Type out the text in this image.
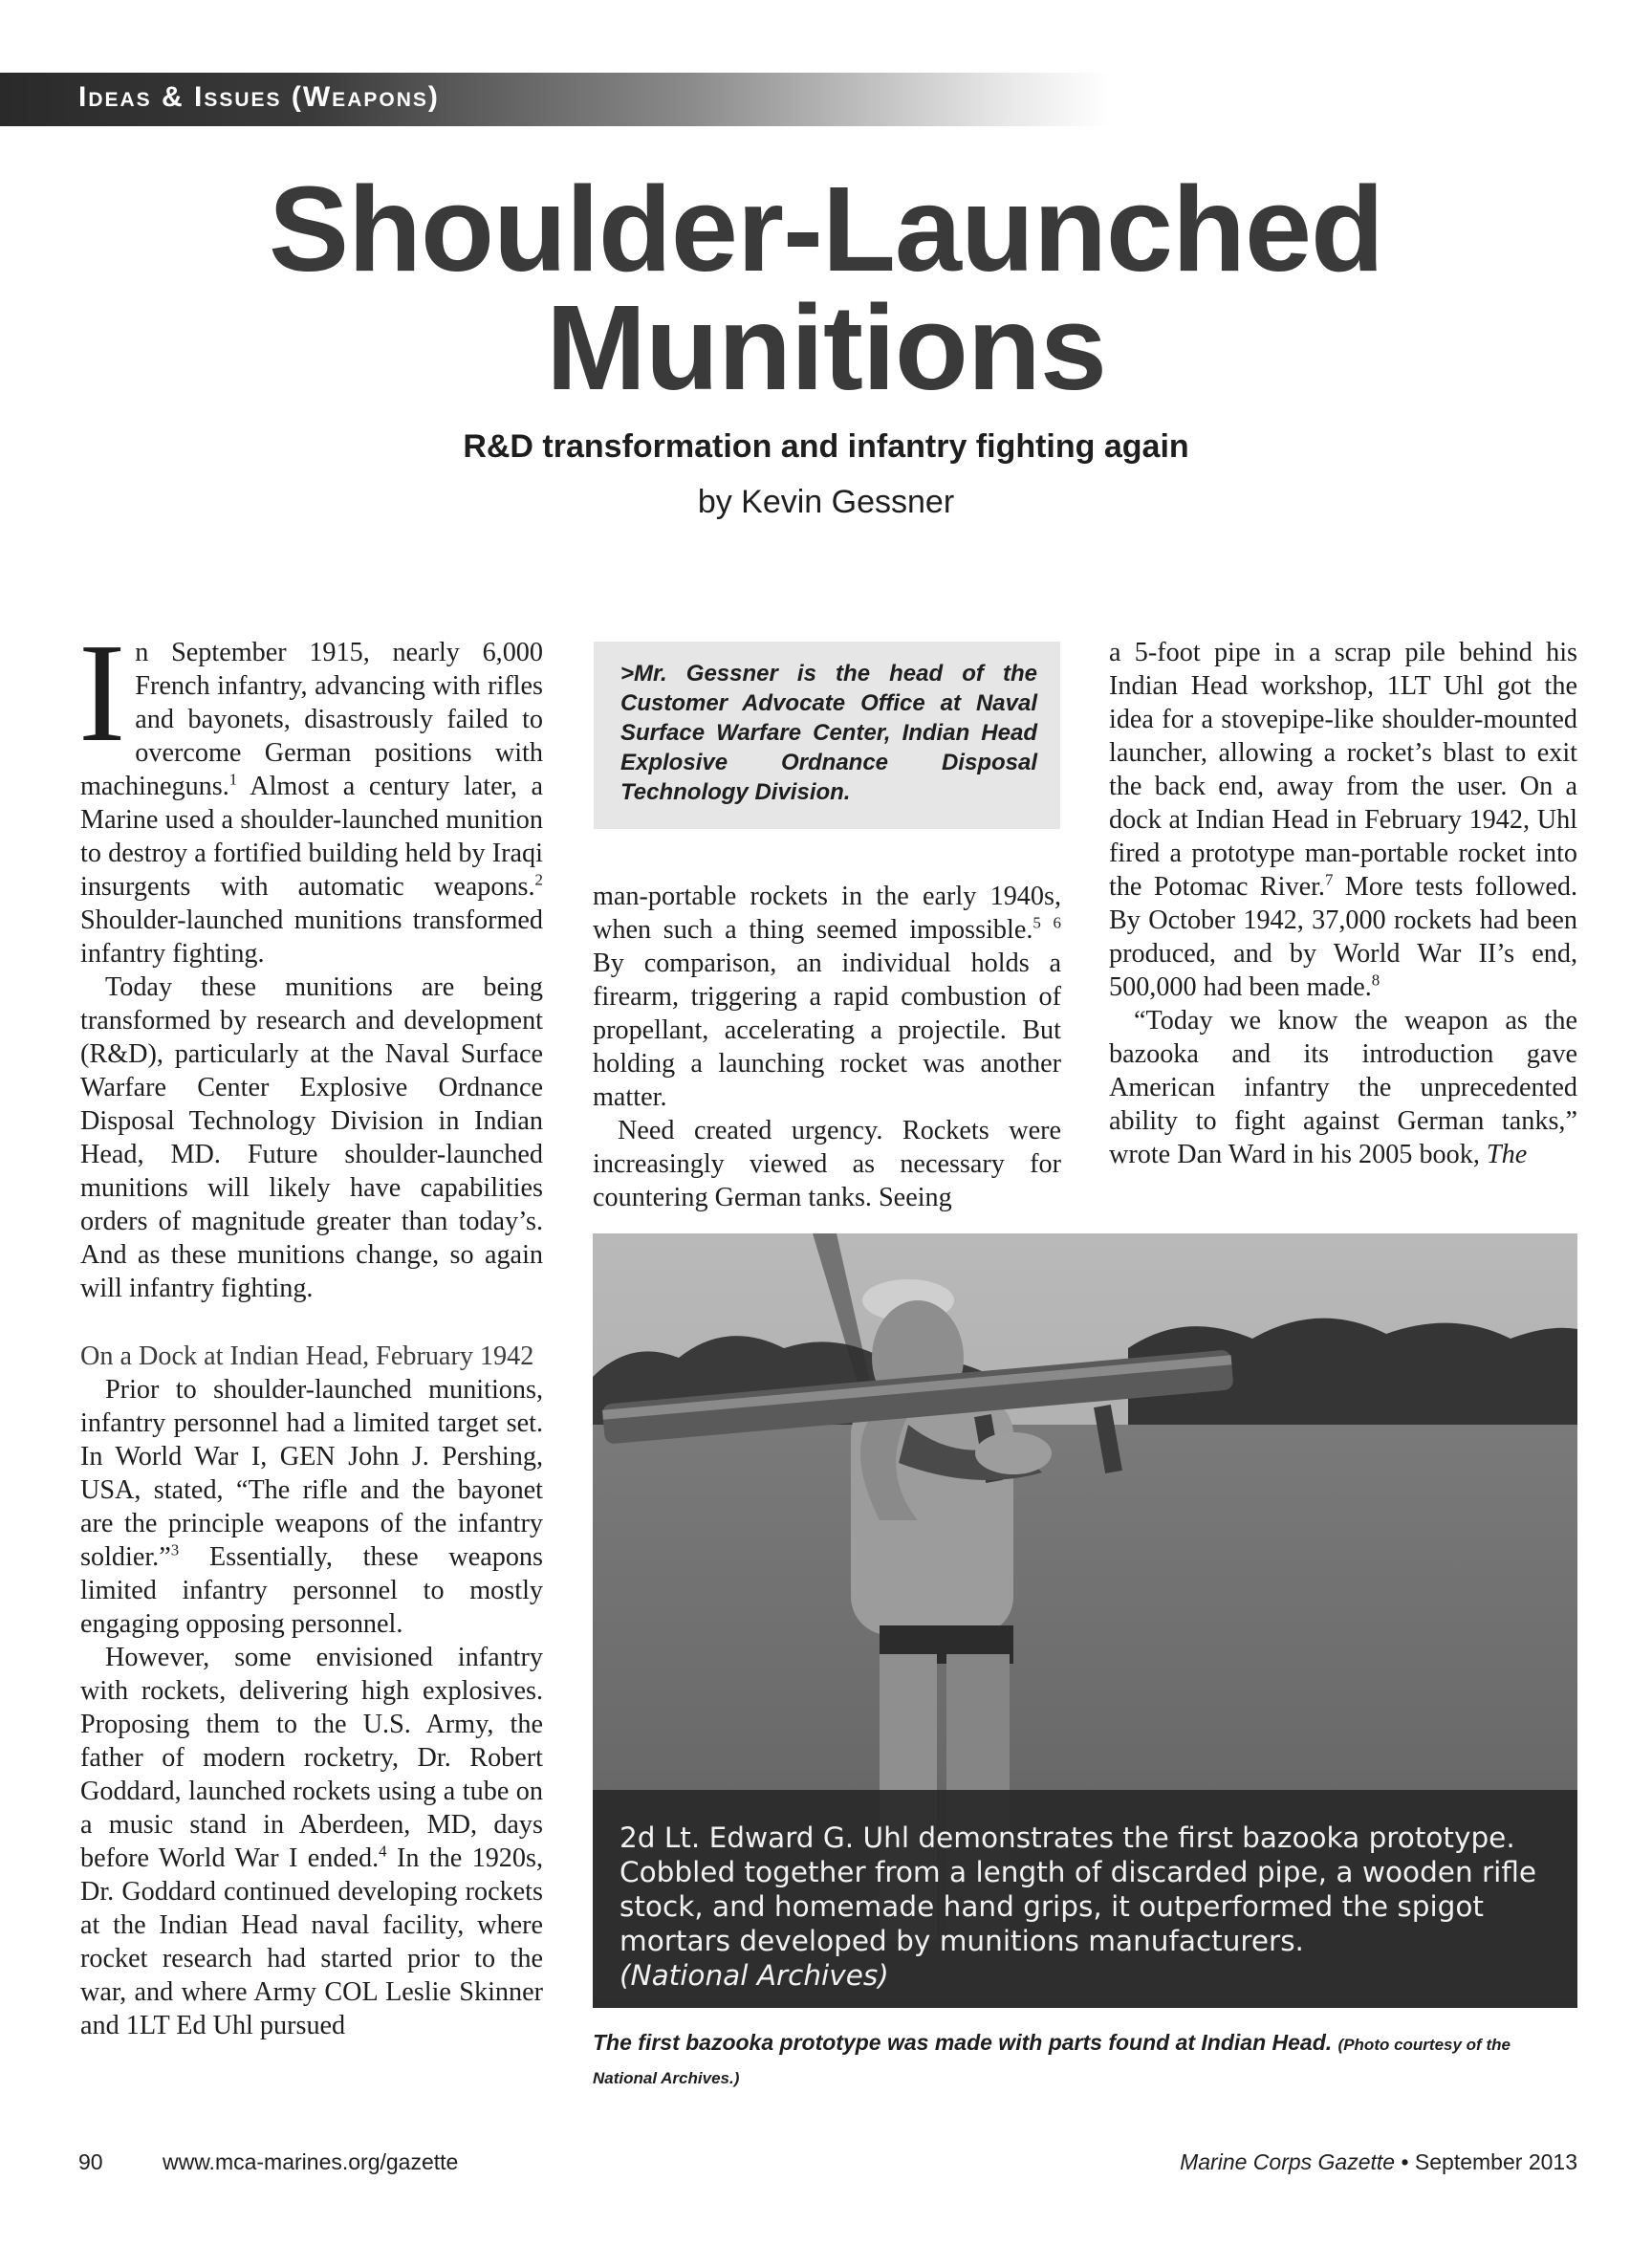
Ideas & Issues (Weapons)
Shoulder-Launched
Munitions
R&D transformation and infantry fighting again
by Kevin Gessner

In September 1915, nearly 6,000 French infantry, advancing with rifles and bayonets, disastrously failed to overcome German positions with machineguns.$^1$ Almost a century later, a Marine used a shoulder-launched munition to destroy a fortified building held by Iraqi insurgents with automatic weapons.$^2$ Shoulder-launched munitions transformed infantry fighting.

Today these munitions are being transformed by research and development (R&D), particularly at the Naval Surface Warfare Center Explosive Ordnance Disposal Technology Division in Indian Head, MD. Future shoulder-launched munitions will likely have capabilities orders of magnitude greater than today’s. And as these munitions change, so again will infantry fighting.

On a Dock at Indian Head, February 1942

Prior to shoulder-launched munitions, infantry personnel had a limited target set. In World War I, GEN John J. Pershing, USA, stated, “The rifle and the bayonet are the principle weapons of the infantry soldier.”$^3$ Essentially, these weapons limited infantry personnel to mostly engaging opposing personnel.

However, some envisioned infantry with rockets, delivering high explosives. Proposing them to the U.S. Army, the father of modern rocketry, Dr. Robert Goddard, launched rockets using a tube on a music stand in Aberdeen, MD, days before World War I ended.$^4$ In the 1920s, Dr. Goddard continued developing rockets at the Indian Head naval facility, where rocket research had started prior to the war, and where Army COL Leslie Skinner and 1LT Ed Uhl pursued

>Mr. Gessner is the head of the Customer Advocate Office at Naval Surface Warfare Center, Indian Head Explosive Ordnance Disposal Technology Division.

man-portable rockets in the early 1940s, when such a thing seemed impossible.$^5$ $^6$ By comparison, an individual holds a firearm, triggering a rapid combustion of propellant, accelerating a projectile. But holding a launching rocket was another matter.

Need created urgency. Rockets were increasingly viewed as necessary for countering German tanks. Seeing

a 5-foot pipe in a scrap pile behind his Indian Head workshop, 1LT Uhl got the idea for a stovepipe-like shoulder-mounted launcher, allowing a rocket’s blast to exit the back end, away from the user. On a dock at Indian Head in February 1942, Uhl fired a prototype man-portable rocket into the Potomac River.$^7$ More tests followed. By October 1942, 37,000 rockets had been produced, and by World War II’s end, 500,000 had been made.$^8$

“Today we know the weapon as the bazooka and its introduction gave American infantry the unprecedented ability to fight against German tanks,” wrote Dan Ward in his 2005 book, The

2d Lt. Edward G. Uhl demonstrates the first bazooka prototype.
Cobbled together from a length of discarded pipe, a wooden rifle stock, and homemade hand grips, it outperformed the spigot mortars developed by munitions manufacturers.
(National Archives)
The first bazooka prototype was made with parts found at Indian Head. (Photo courtesy of the National Archives.)
90	www.mca-marines.org/gazette	Marine Corps Gazette • September 2013
